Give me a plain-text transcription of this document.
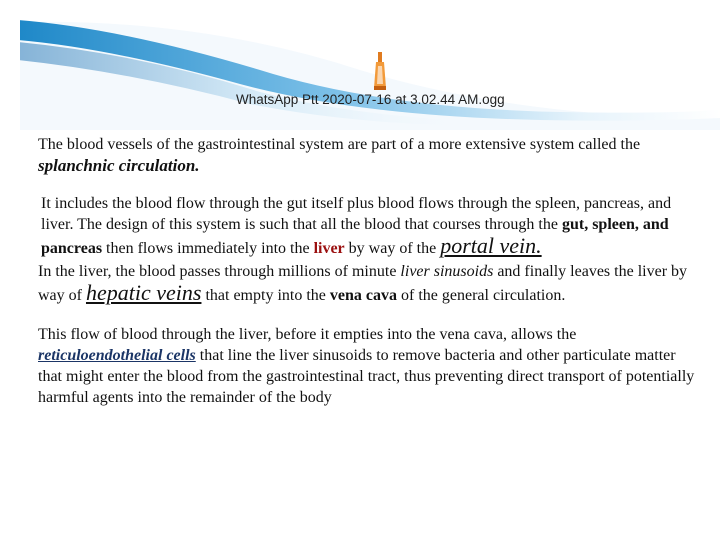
WhatsApp Ptt 2020-07-16 at 3.02.44 AM.ogg

The blood vessels of the gastrointestinal system are part of a more extensive system called the splanchnic circulation.

It includes the blood flow through the gut itself plus blood flows through the spleen, pancreas, and liver. The design of this system is such that all the blood that courses through the gut, spleen, and pancreas then flows immediately into the liver by way of the portal vein.

In the liver, the blood passes through millions of minute liver sinusoids and finally leaves the liver by way of hepatic veins that empty into the vena cava of the general circulation.

This flow of blood through the liver, before it empties into the vena cava, allows the reticuloendothelial cells that line the liver sinusoids to remove bacteria and other particulate matter that might enter the blood from the gastrointestinal tract, thus preventing direct transport of potentially harmful agents into the remainder of the body
